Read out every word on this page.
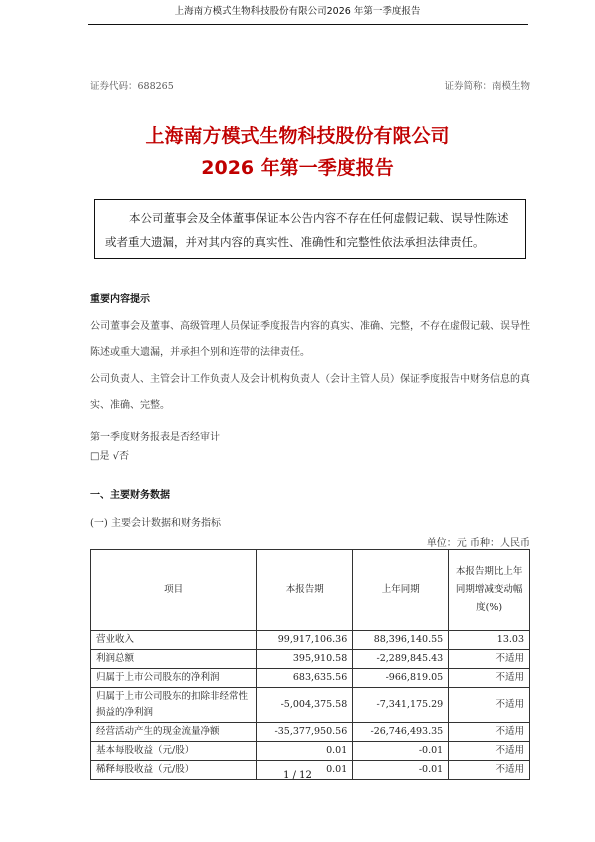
上海南方模式生物科技股份有限公司2026 年第一季度报告
证券代码：688265	证券简称：南模生物
上海南方模式生物科技股份有限公司
2026 年第一季度报告
本公司董事会及全体董事保证本公告内容不存在任何虚假记载、误导性陈述或者重大遗漏，并对其内容的真实性、准确性和完整性依法承担法律责任。
重要内容提示
公司董事会及董事、高级管理人员保证季度报告内容的真实、准确、完整，不存在虚假记载、误导性陈述或重大遗漏，并承担个别和连带的法律责任。
公司负责人、主管会计工作负责人及会计机构负责人（会计主管人员）保证季度报告中财务信息的真实、准确、完整。
第一季度财务报表是否经审计
□是 √否
一、主要财务数据
(一) 主要会计数据和财务指标
单位：元 币种：人民币
项目	本报告期	上年同期	本报告期比上年同期增减变动幅度(%)
营业收入	99,917,106.36	88,396,140.55	13.03
利润总额	395,910.58	-2,289,845.43	不适用
归属于上市公司股东的净利润	683,635.56	-966,819.05	不适用
归属于上市公司股东的扣除非经常性损益的净利润	-5,004,375.58	-7,341,175.29	不适用
经营活动产生的现金流量净额	-35,377,950.56	-26,746,493.35	不适用
基本每股收益（元/股）	0.01	-0.01	不适用
稀释每股收益（元/股）	0.01	-0.01	不适用
1 / 12
